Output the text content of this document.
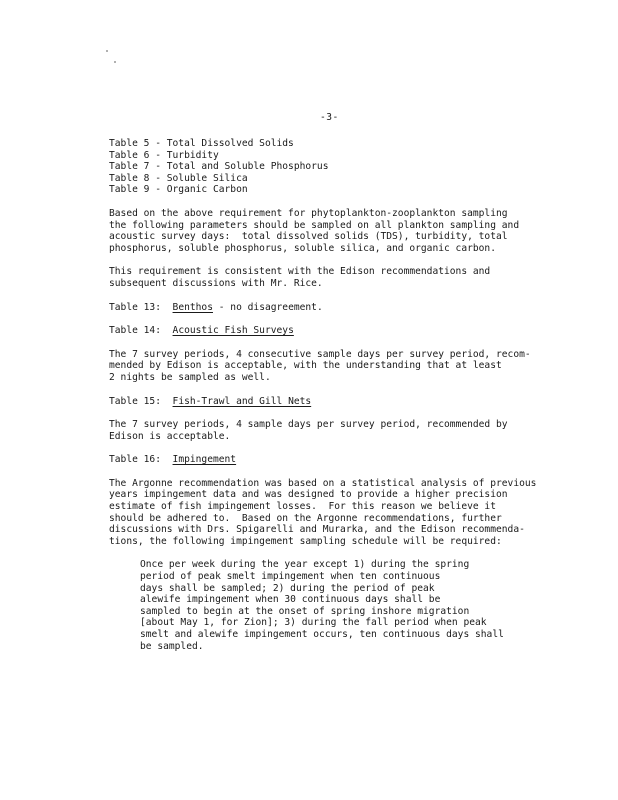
-3-
Table 5 - Total Dissolved Solids
Table 6 - Turbidity
Table 7 - Total and Soluble Phosphorus
Table 8 - Soluble Silica
Table 9 - Organic Carbon
Based on the above requirement for phytoplankton-zooplankton sampling
the following parameters should be sampled on all plankton sampling and
acoustic survey days:  total dissolved solids (TDS), turbidity, total
phosphorus, soluble phosphorus, soluble silica, and organic carbon.
This requirement is consistent with the Edison recommendations and
subsequent discussions with Mr. Rice.
Table 13:  Benthos - no disagreement.
Table 14:  Acoustic Fish Surveys
The 7 survey periods, 4 consecutive sample days per survey period, recom-
mended by Edison is acceptable, with the understanding that at least
2 nights be sampled as well.
Table 15:  Fish-Trawl and Gill Nets
The 7 survey periods, 4 sample days per survey period, recommended by
Edison is acceptable.
Table 16:  Impingement
The Argonne recommendation was based on a statistical analysis of previous
years impingement data and was designed to provide a higher precision
estimate of fish impingement losses.  For this reason we believe it
should be adhered to.  Based on the Argonne recommendations, further
discussions with Drs. Spigarelli and Murarka, and the Edison recommenda-
tions, the following impingement sampling schedule will be required:
Once per week during the year except 1) during the spring
period of peak smelt impingement when ten continuous
days shall be sampled; 2) during the period of peak
alewife impingement when 30 continuous days shall be
sampled to begin at the onset of spring inshore migration
[about May 1, for Zion]; 3) during the fall period when peak
smelt and alewife impingement occurs, ten continuous days shall
be sampled.
